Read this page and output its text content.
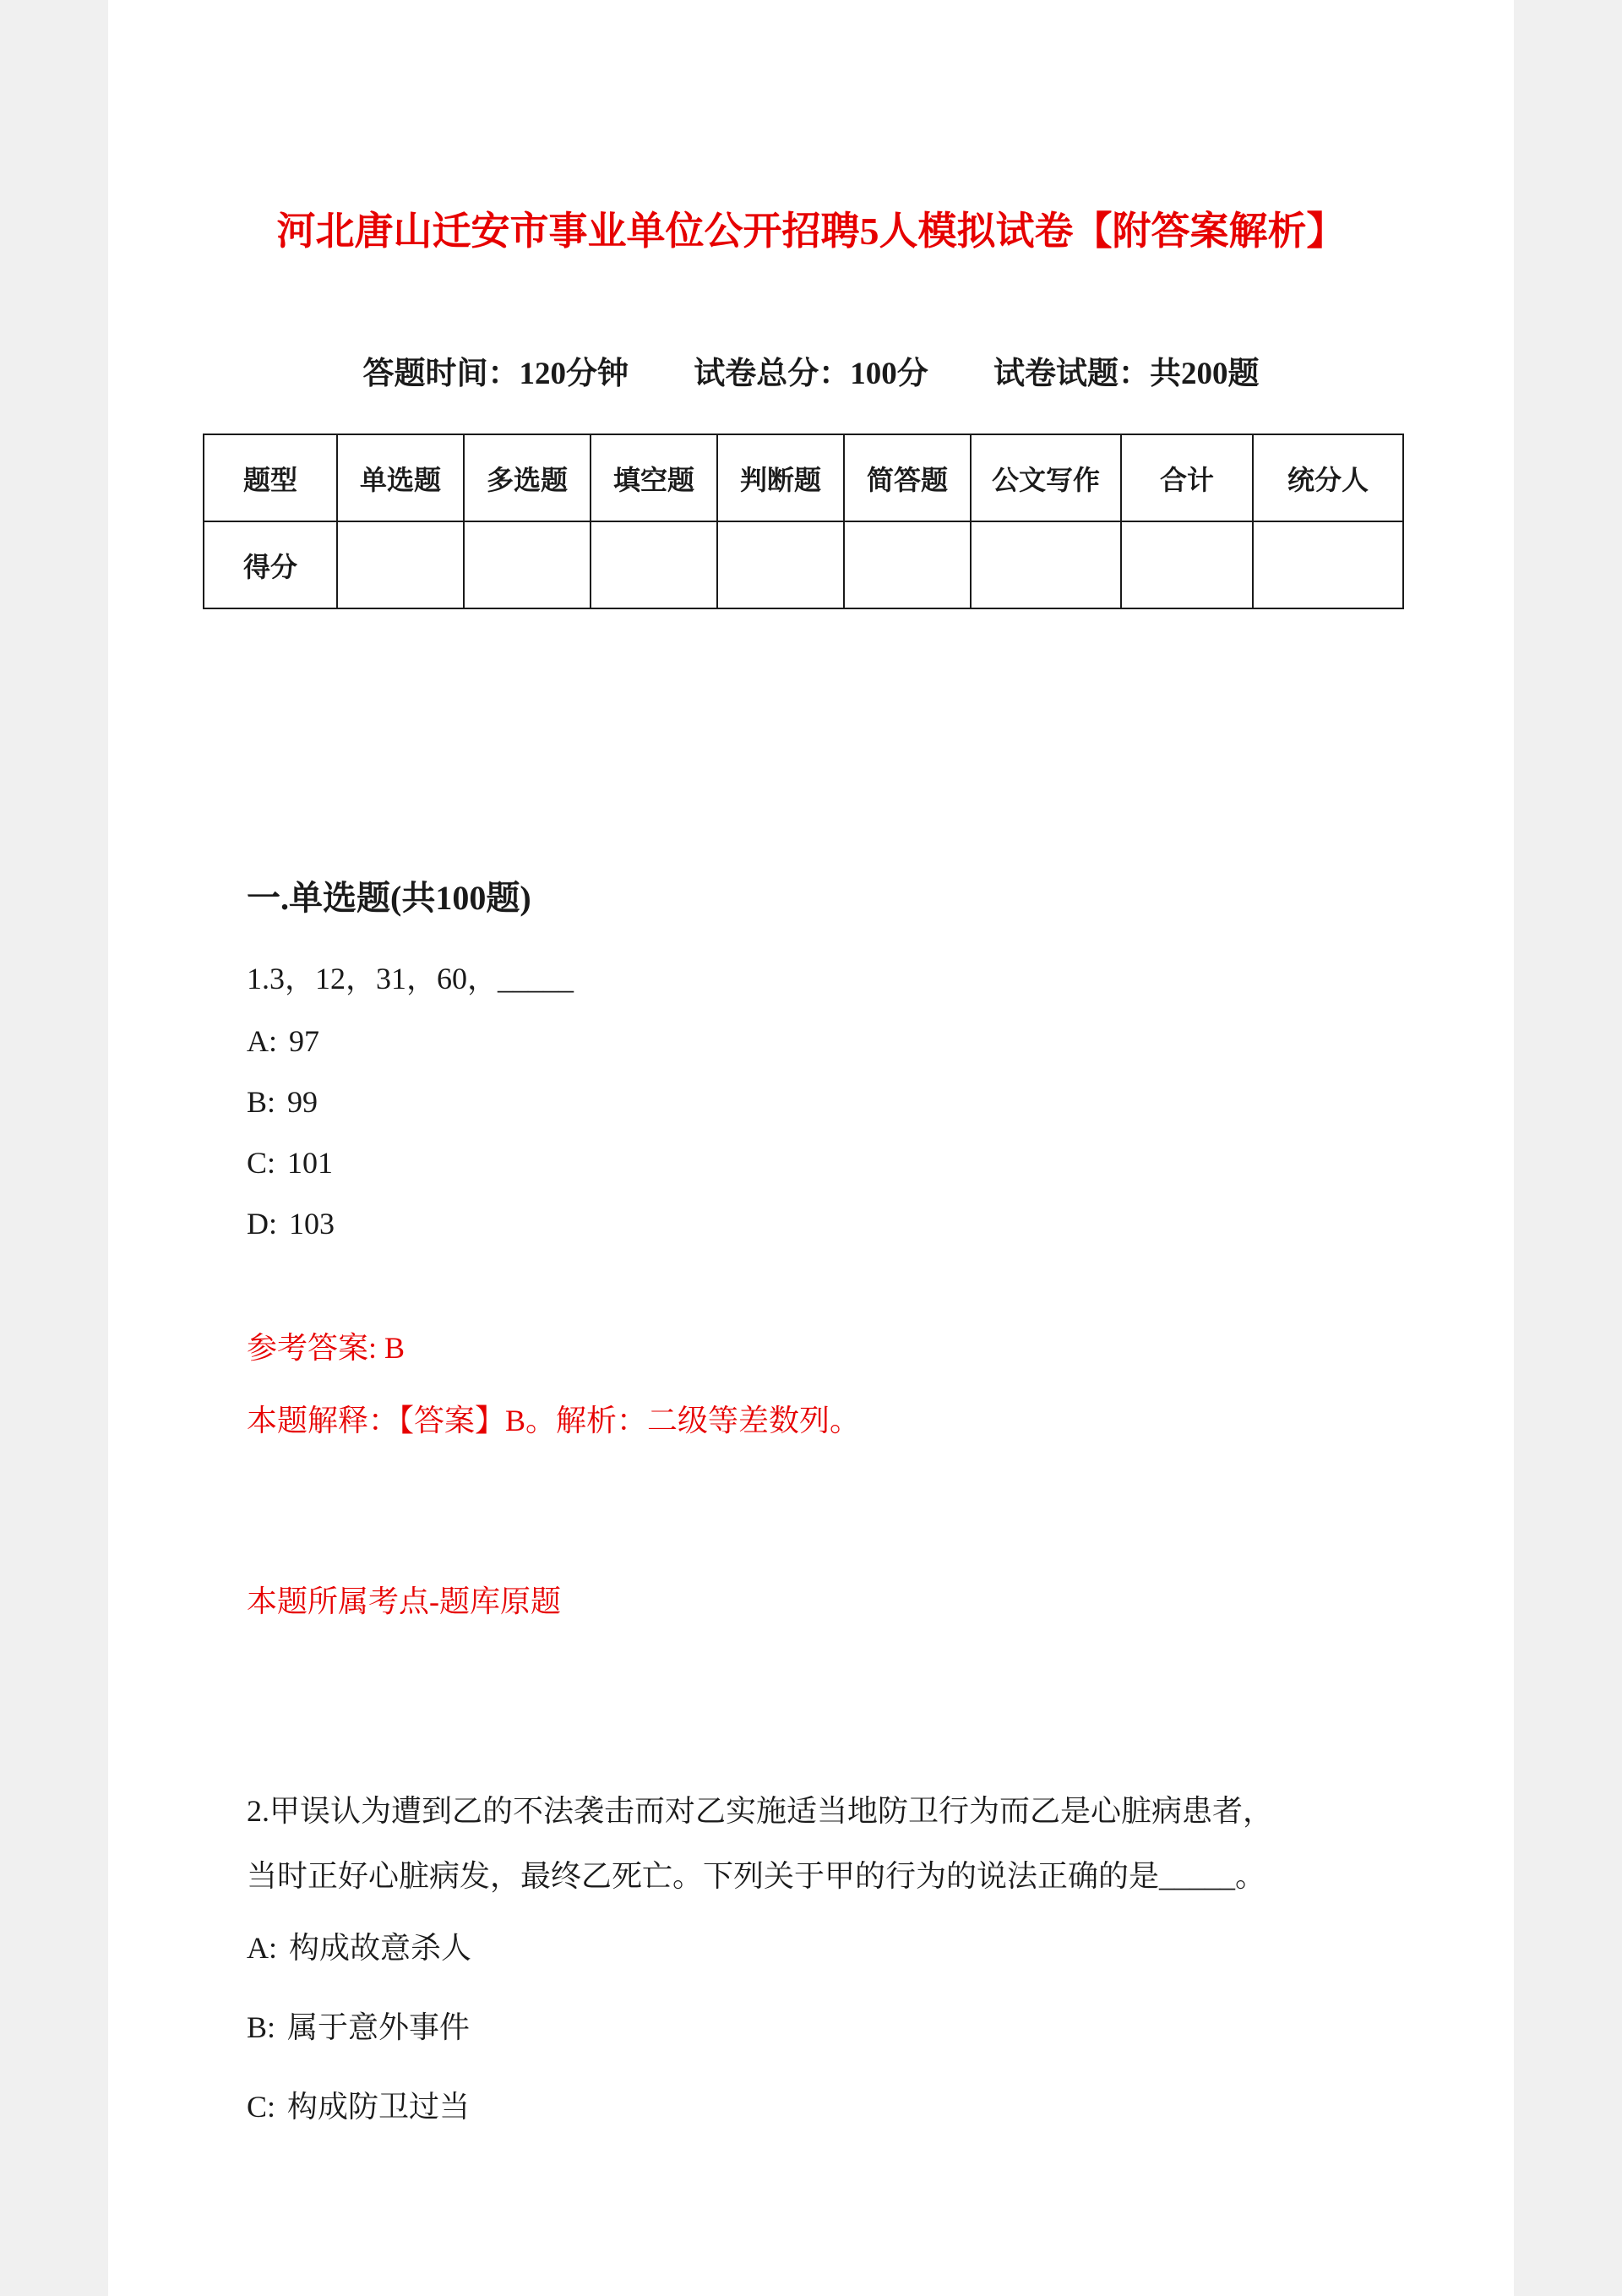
河北唐山迁安市事业单位公开招聘5人模拟试卷【附答案解析】
答题时间：120分钟 试卷总分：100分 试卷试题：共200题
题型	单选题	多选题	填空题	判断题	简答题	公文写作	合计	统分人
得分								
一.单选题(共100题)

1.3，12，31，60，_____

A: 97
B: 99
C: 101
D: 103

参考答案: B

本题解释：【答案】B。解析：二级等差数列。

本题所属考点-题库原题

2.甲误认为遭到乙的不法袭击而对乙实施适当地防卫行为而乙是心脏病患者，当时正好心脏病发，最终乙死亡。下列关于甲的行为的说法正确的是_____。

A: 构成故意杀人
B: 属于意外事件
C: 构成防卫过当
